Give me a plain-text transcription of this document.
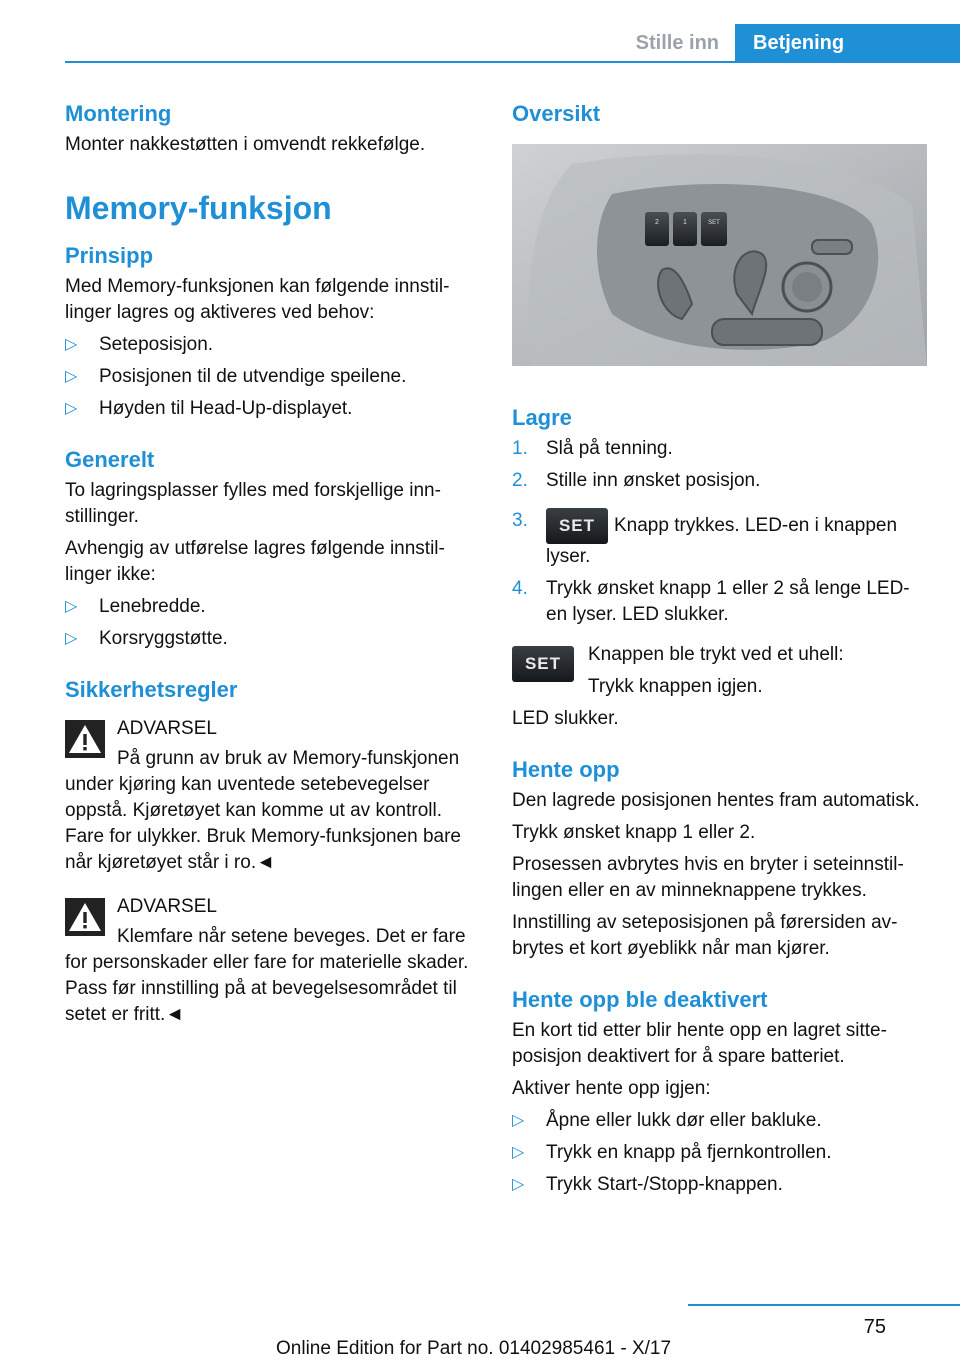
Stille inn	Betjening
Montering

Monter nakkestøtten i omvendt rekkefølge.

Memory-funksjon
Prinsipp

Med Memory-funksjonen kan følgende innstillinger lagres og aktiveres ved behov:

▷ Seteposisjon.
▷ Posisjonen til de utvendige speilene.
▷ Høyden til Head-Up-displayet.
Generelt

To lagringsplasser fylles med forskjellige innstillinger.

Avhengig av utførelse lagres følgende innstillinger ikke:

▷ Lenebredde.
▷ Korsryggstøtte.
Sikkerhetsregler
ADVARSEL
På grunn av bruk av Memory-funskjonen under kjøring kan uventede setebevegelser oppstå. Kjøretøyet kan komme ut av kontroll. Fare for ulykker. Bruk Memory-funksjonen bare når kjøretøyet står i ro.◄
ADVARSEL
Klemfare når setene beveges. Det er fare for personskader eller fare for materielle skader. Pass før innstilling på at bevegelsesområdet til setet er fritt.◄
Oversikt
2	1	SET
Lagre
1. Slå på tenning.
2. Stille inn ønsket posisjon.
3. SET Knapp trykkes. LED-en i knappen lyser.
4. Trykk ønsket knapp 1 eller 2 så lenge LED-en lyser. LED slukker.
SET	Knappen ble trykt ved et uhell:

Trykk knappen igjen.

LED slukker.

Hente opp

Den lagrede posisjonen hentes fram automatisk.

Trykk ønsket knapp 1 eller 2.

Prosessen avbrytes hvis en bryter i seteinnstillingen eller en av minneknappene trykkes.

Innstilling av seteposisjonen på førersiden avbrytes et kort øyeblikk når man kjører.

Hente opp ble deaktivert

En kort tid etter blir hente opp en lagret sitteposisjon deaktivert for å spare batteriet.

Aktiver hente opp igjen:

▷ Åpne eller lukk dør eller bakluke.
▷ Trykk en knapp på fjernkontrollen.
▷ Trykk Start-/Stopp-knappen.
75
Online Edition for Part no. 01402985461 - X/17
